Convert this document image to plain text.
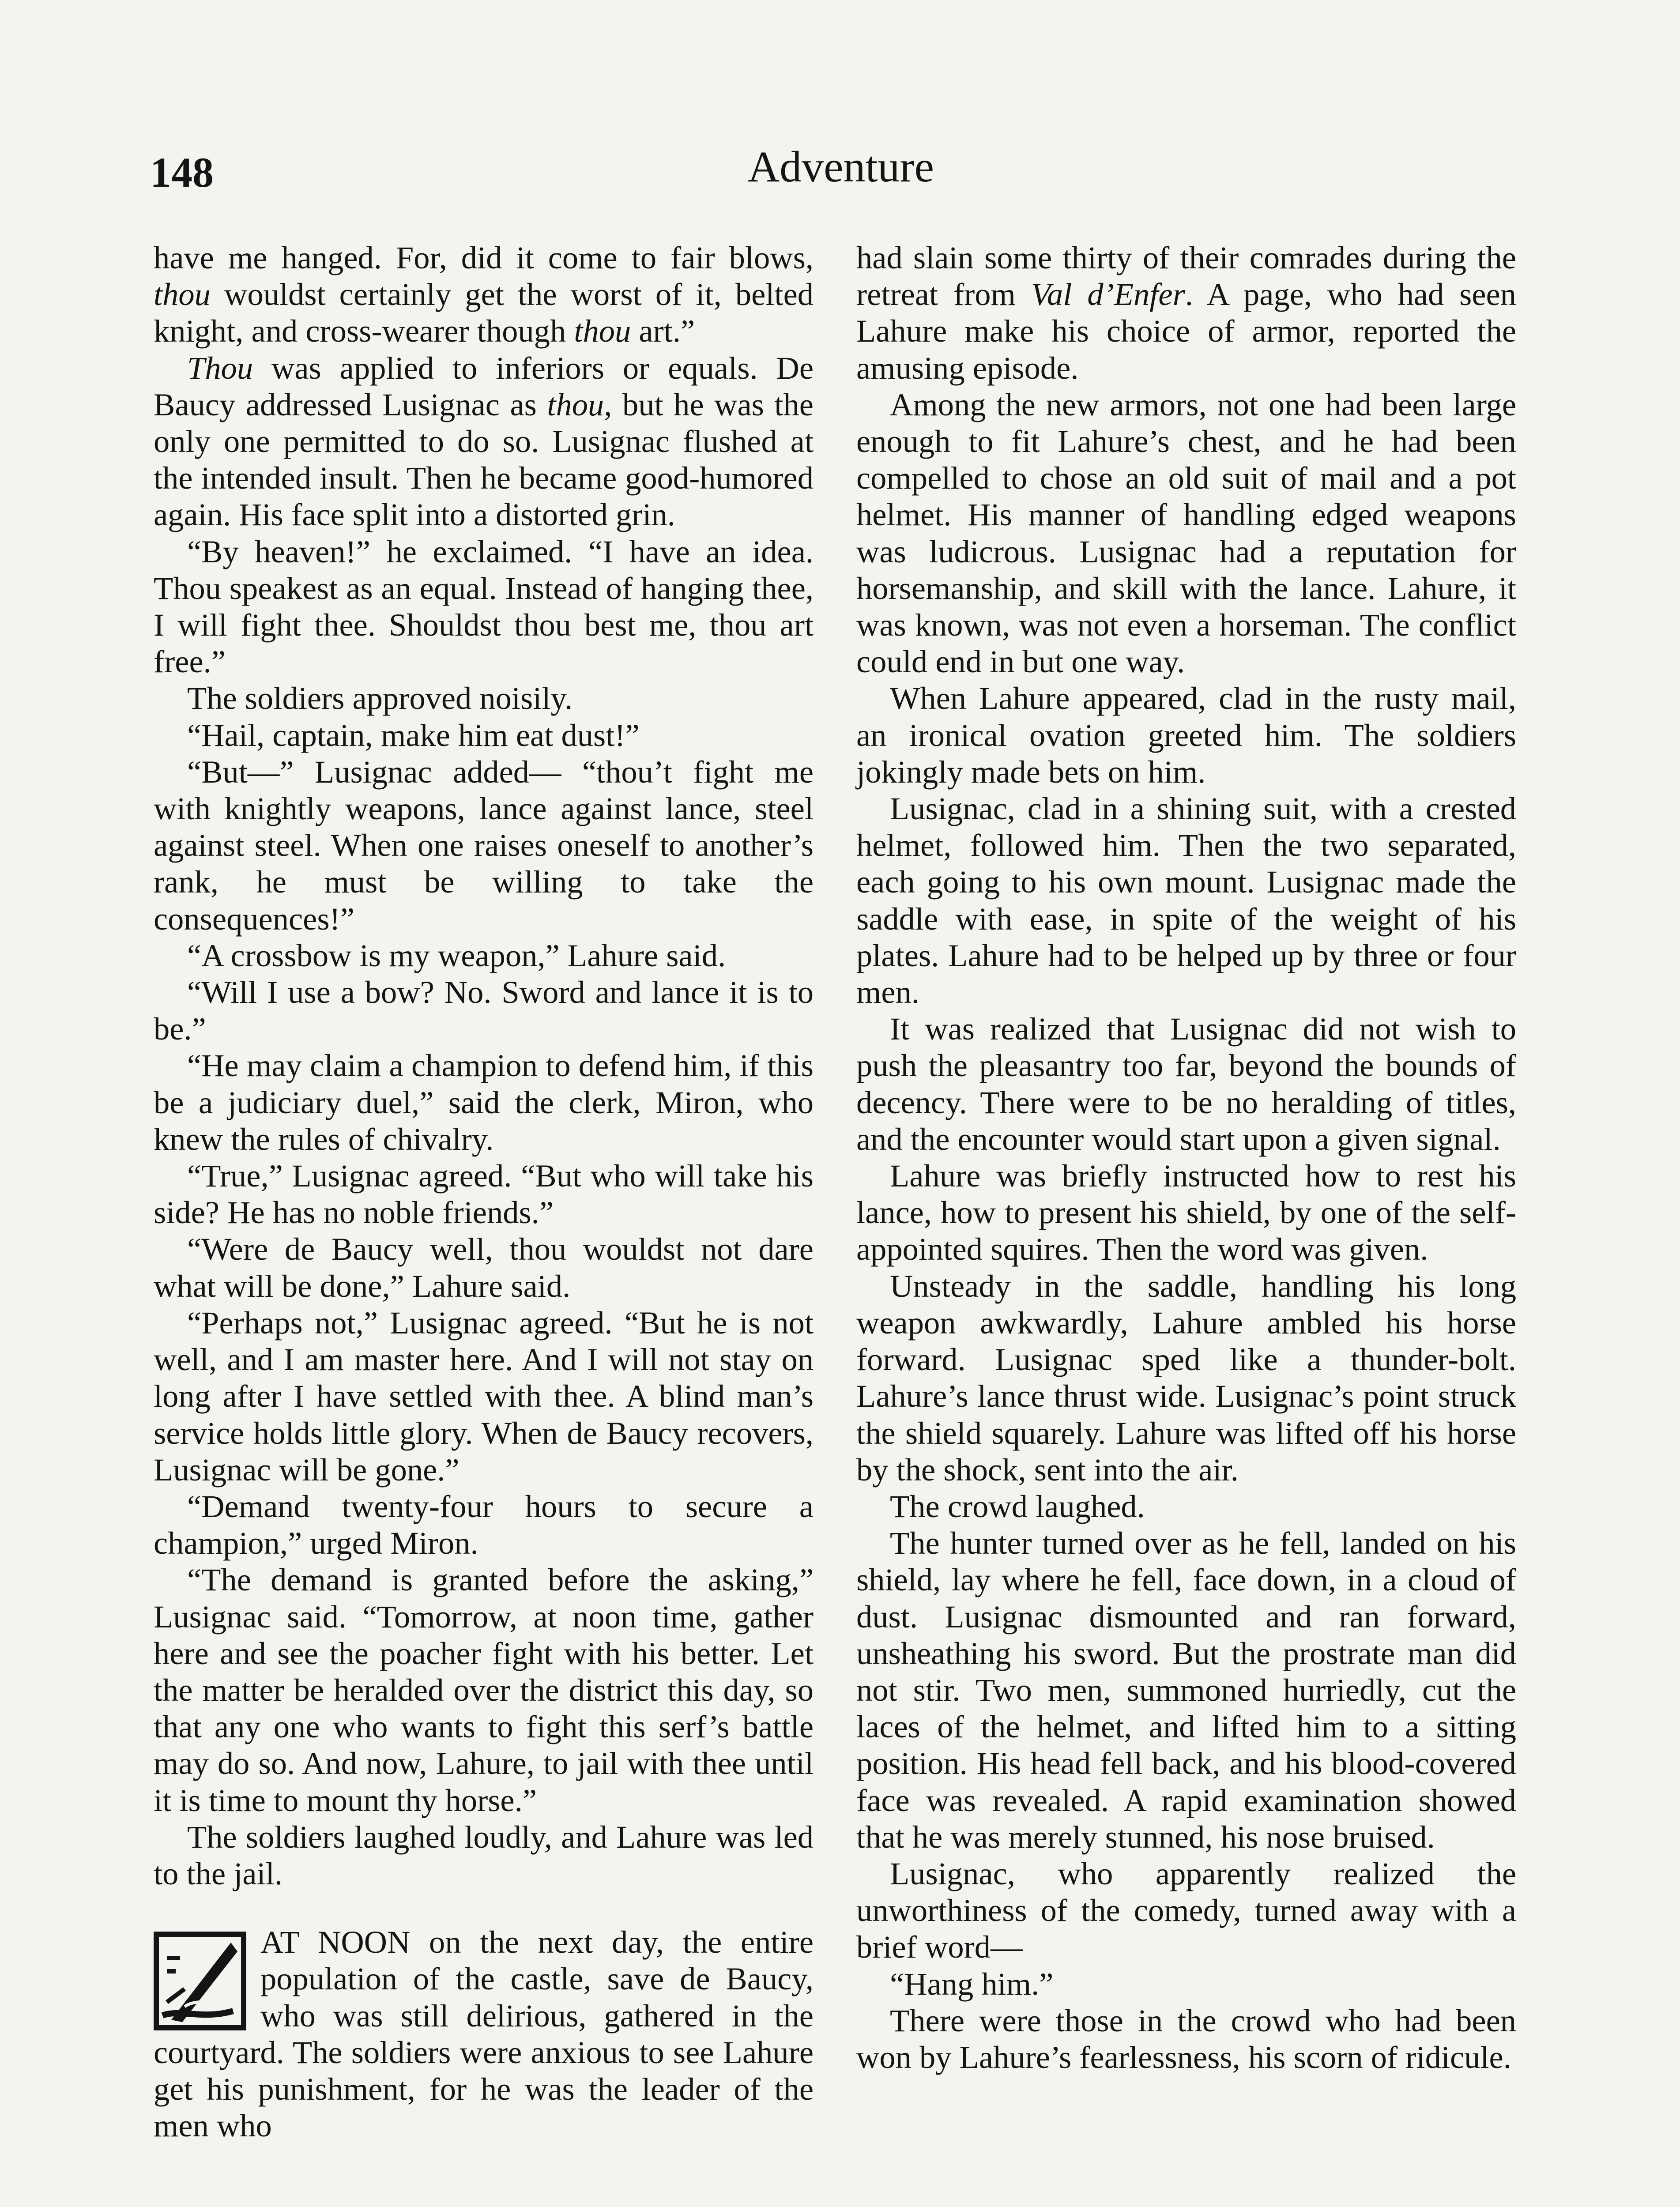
148	Adventure

have me hanged. For, did it come to fair blows, thou wouldst certainly get the worst of it, belted knight, and cross-wearer though thou art.”

Thou was applied to inferiors or equals. De Baucy addressed Lusignac as thou, but he was the only one permitted to do so. Lusignac flushed at the intended insult. Then he became good-humored again. His face split into a distorted grin.

“By heaven!” he exclaimed. “I have an idea. Thou speakest as an equal. Instead of hanging thee, I will fight thee. Shouldst thou best me, thou art free.”

The soldiers approved noisily.

“Hail, captain, make him eat dust!”

“But—” Lusignac added— “thou’t fight me with knightly weapons, lance against lance, steel against steel. When one raises oneself to another’s rank, he must be willing to take the consequences!”

“A crossbow is my weapon,” Lahure said.

“Will I use a bow? No. Sword and lance it is to be.”

“He may claim a champion to defend him, if this be a judiciary duel,” said the clerk, Miron, who knew the rules of chivalry.

“True,” Lusignac agreed. “But who will take his side? He has no noble friends.”

“Were de Baucy well, thou wouldst not dare what will be done,” Lahure said.

“Perhaps not,” Lusignac agreed. “But he is not well, and I am master here. And I will not stay on long after I have settled with thee. A blind man’s service holds little glory. When de Baucy recovers, Lusignac will be gone.”

“Demand twenty-four hours to secure a champion,” urged Miron.

“The demand is granted before the asking,” Lusignac said. “Tomorrow, at noon time, gather here and see the poacher fight with his better. Let the matter be heralded over the district this day, so that any one who wants to fight this serf’s battle may do so. And now, Lahure, to jail with thee until it is time to mount thy horse.”

The soldiers laughed loudly, and Lahure was led to the jail.

AT NOON on the next day, the entire population of the castle, save de Baucy, who was still delirious, gathered in the courtyard. The soldiers were anxious to see Lahure get his punishment, for he was the leader of the men who

had slain some thirty of their comrades during the retreat from Val d’Enfer. A page, who had seen Lahure make his choice of armor, reported the amusing episode.

Among the new armors, not one had been large enough to fit Lahure’s chest, and he had been compelled to chose an old suit of mail and a pot helmet. His manner of handling edged weapons was ludicrous. Lusignac had a reputation for horsemanship, and skill with the lance. Lahure, it was known, was not even a horseman. The conflict could end in but one way.

When Lahure appeared, clad in the rusty mail, an ironical ovation greeted him. The soldiers jokingly made bets on him.

Lusignac, clad in a shining suit, with a crested helmet, followed him. Then the two separated, each going to his own mount. Lusignac made the saddle with ease, in spite of the weight of his plates. Lahure had to be helped up by three or four men.

It was realized that Lusignac did not wish to push the pleasantry too far, beyond the bounds of decency. There were to be no heralding of titles, and the encounter would start upon a given signal.

Lahure was briefly instructed how to rest his lance, how to present his shield, by one of the self-appointed squires. Then the word was given.

Unsteady in the saddle, handling his long weapon awkwardly, Lahure ambled his horse forward. Lusignac sped like a thunder-bolt. Lahure’s lance thrust wide. Lusignac’s point struck the shield squarely. Lahure was lifted off his horse by the shock, sent into the air.

The crowd laughed.

The hunter turned over as he fell, landed on his shield, lay where he fell, face down, in a cloud of dust. Lusignac dismounted and ran forward, unsheathing his sword. But the prostrate man did not stir. Two men, summoned hurriedly, cut the laces of the helmet, and lifted him to a sitting position. His head fell back, and his blood-covered face was revealed. A rapid examination showed that he was merely stunned, his nose bruised.

Lusignac, who apparently realized the unworthiness of the comedy, turned away with a brief word—

“Hang him.”

There were those in the crowd who had been won by Lahure’s fearlessness, his scorn of ridicule.
